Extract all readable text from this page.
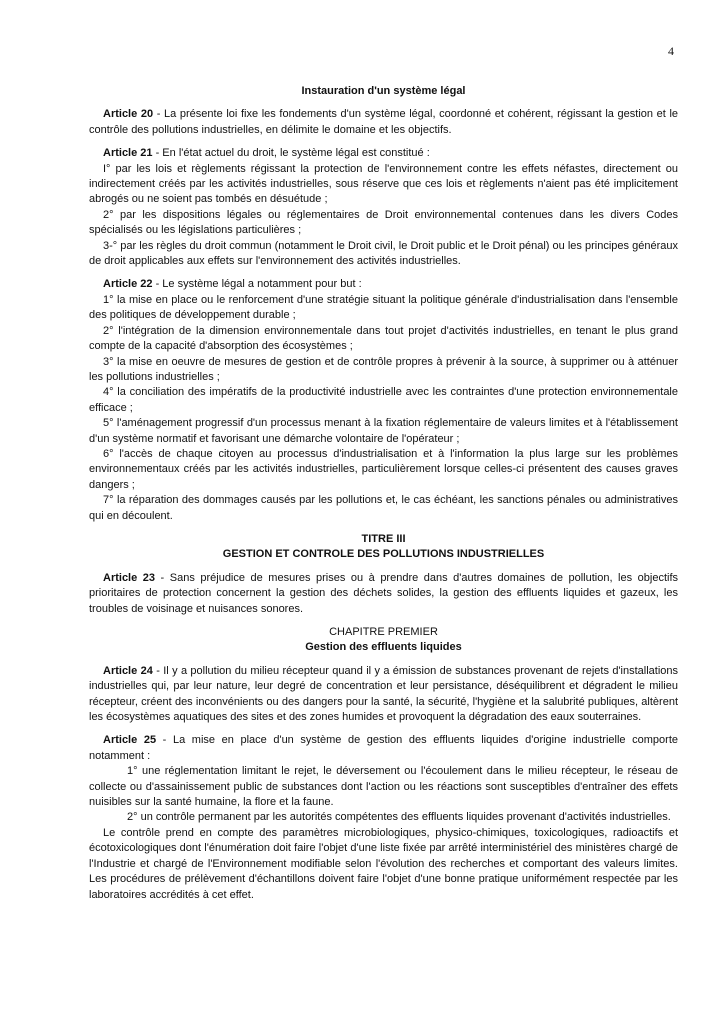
4

Instauration d'un système légal

Article 20 - La présente loi fixe les fondements d'un système légal, coordonné et cohérent, régissant la gestion et le contrôle des pollutions industrielles, en délimite le domaine et les objectifs.

Article 21 - En l'état actuel du droit, le système légal est constitué :

I° par les lois et règlements régissant la protection de l'environnement contre les effets néfastes, directement ou indirectement créés par les activités industrielles, sous réserve que ces lois et règlements n'aient pas été implicitement abrogés ou ne soient pas tombés en désuétude ;

2° par les dispositions légales ou réglementaires de Droit environnemental contenues dans les divers Codes spécialisés ou les législations particulières ;

3-° par les règles du droit commun (notamment le Droit civil, le Droit public et le Droit pénal) ou les principes généraux de droit applicables aux effets sur l'environnement des activités industrielles.

Article 22 - Le système légal a notamment pour but :

1° la mise en place ou le renforcement d'une stratégie situant la politique générale d'industrialisation dans l'ensemble des politiques de développement durable ;

2° l'intégration de la dimension environnementale dans tout projet d'activités industrielles, en tenant le plus grand compte de la capacité d'absorption des écosystèmes ;

3° la mise en oeuvre de mesures de gestion et de contrôle propres à prévenir à la source, à supprimer ou à atténuer les pollutions industrielles ;

4° la conciliation des impératifs de la productivité industrielle avec les contraintes d'une protection environnementale efficace ;

5° l'aménagement progressif d'un processus menant à la fixation réglementaire de valeurs limites et à l'établissement d'un système normatif et favorisant une démarche volontaire de l'opérateur ;

6° l'accès de chaque citoyen au processus d'industrialisation et à l'information la plus large sur les problèmes environnementaux créés par les activités industrielles, particulièrement lorsque celles-ci présentent des causes graves dangers ;

7° la réparation des dommages causés par les pollutions et, le cas échéant, les sanctions pénales ou administratives qui en découlent.

TITRE III

GESTION ET CONTROLE DES POLLUTIONS INDUSTRIELLES

Article 23 - Sans préjudice de mesures prises ou à prendre dans d'autres domaines de pollution, les objectifs prioritaires de protection concernent la gestion des déchets solides, la gestion des effluents liquides et gazeux, les troubles de voisinage et nuisances sonores.

CHAPITRE PREMIER

Gestion des effluents liquides

Article 24 - Il y a pollution du milieu récepteur quand il y a émission de substances provenant de rejets d'installations industrielles qui, par leur nature, leur degré de concentration et leur persistance, déséquilibrent et dégradent le milieu récepteur, créent des inconvénients ou des dangers pour la santé, la sécurité, l'hygiène et la salubrité publiques, altèrent les écosystèmes aquatiques des sites et des zones humides et provoquent la dégradation des eaux souterraines.

Article 25 - La mise en place d'un système de gestion des effluents liquides d'origine industrielle comporte notamment :

1° une réglementation limitant le rejet, le déversement ou l'écoulement dans le milieu récepteur, le réseau de collecte ou d'assainissement public de substances dont l'action ou les réactions sont susceptibles d'entraîner des effets nuisibles sur la santé humaine, la flore et la faune.

2° un contrôle permanent par les autorités compétentes des effluents liquides provenant d'activités industrielles.

Le contrôle prend en compte des paramètres microbiologiques, physico-chimiques, toxicologiques, radioactifs et écotoxicologiques dont l'énumération doit faire l'objet d'une liste fixée par arrêté interministériel des ministères chargé de l'Industrie et chargé de l'Environnement modifiable selon l'évolution des recherches et comportant des valeurs limites. Les procédures de prélèvement d'échantillons doivent faire l'objet d'une bonne pratique uniformément respectée par les laboratoires accrédités à cet effet.
